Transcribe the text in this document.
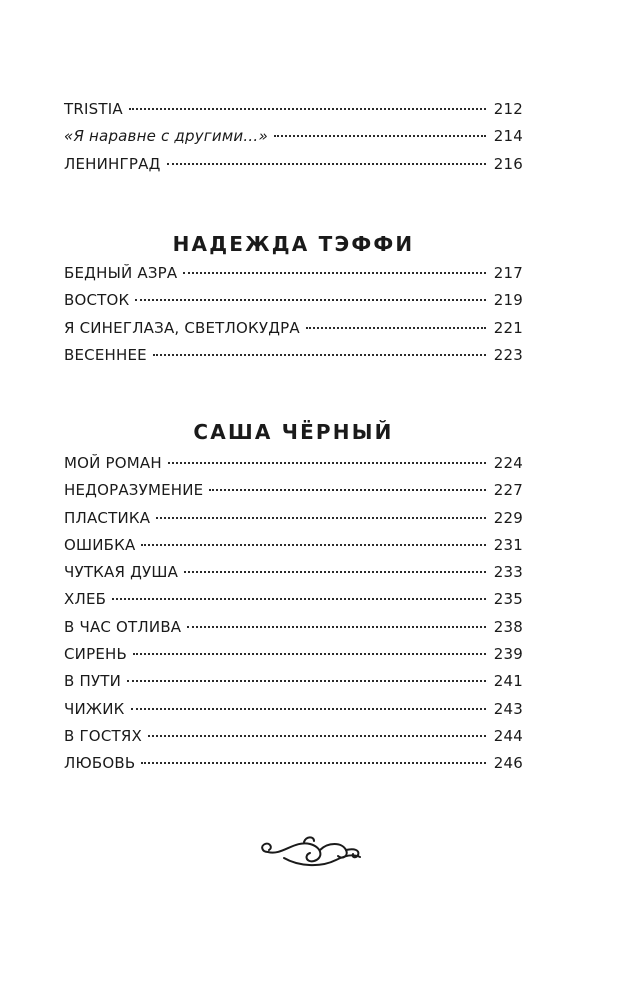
TRISTIA	212
«Я наравне с другими…»	214
ЛЕНИНГРАД	216
НАДЕЖДА ТЭФФИ
БЕДНЫЙ АЗРА	217
ВОСТОК	219
Я СИНЕГЛАЗА, СВЕТЛОКУДРА	221
ВЕСЕННЕЕ	223
САША ЧЁРНЫЙ
МОЙ РОМАН	224
НЕДОРАЗУМЕНИЕ	227
ПЛАСТИКА	229
ОШИБКА	231
ЧУТКАЯ ДУША	233
ХЛЕБ	235
В ЧАС ОТЛИВА	238
СИРЕНЬ	239
В ПУТИ	241
ЧИЖИК	243
В ГОСТЯХ	244
ЛЮБОВЬ	246
